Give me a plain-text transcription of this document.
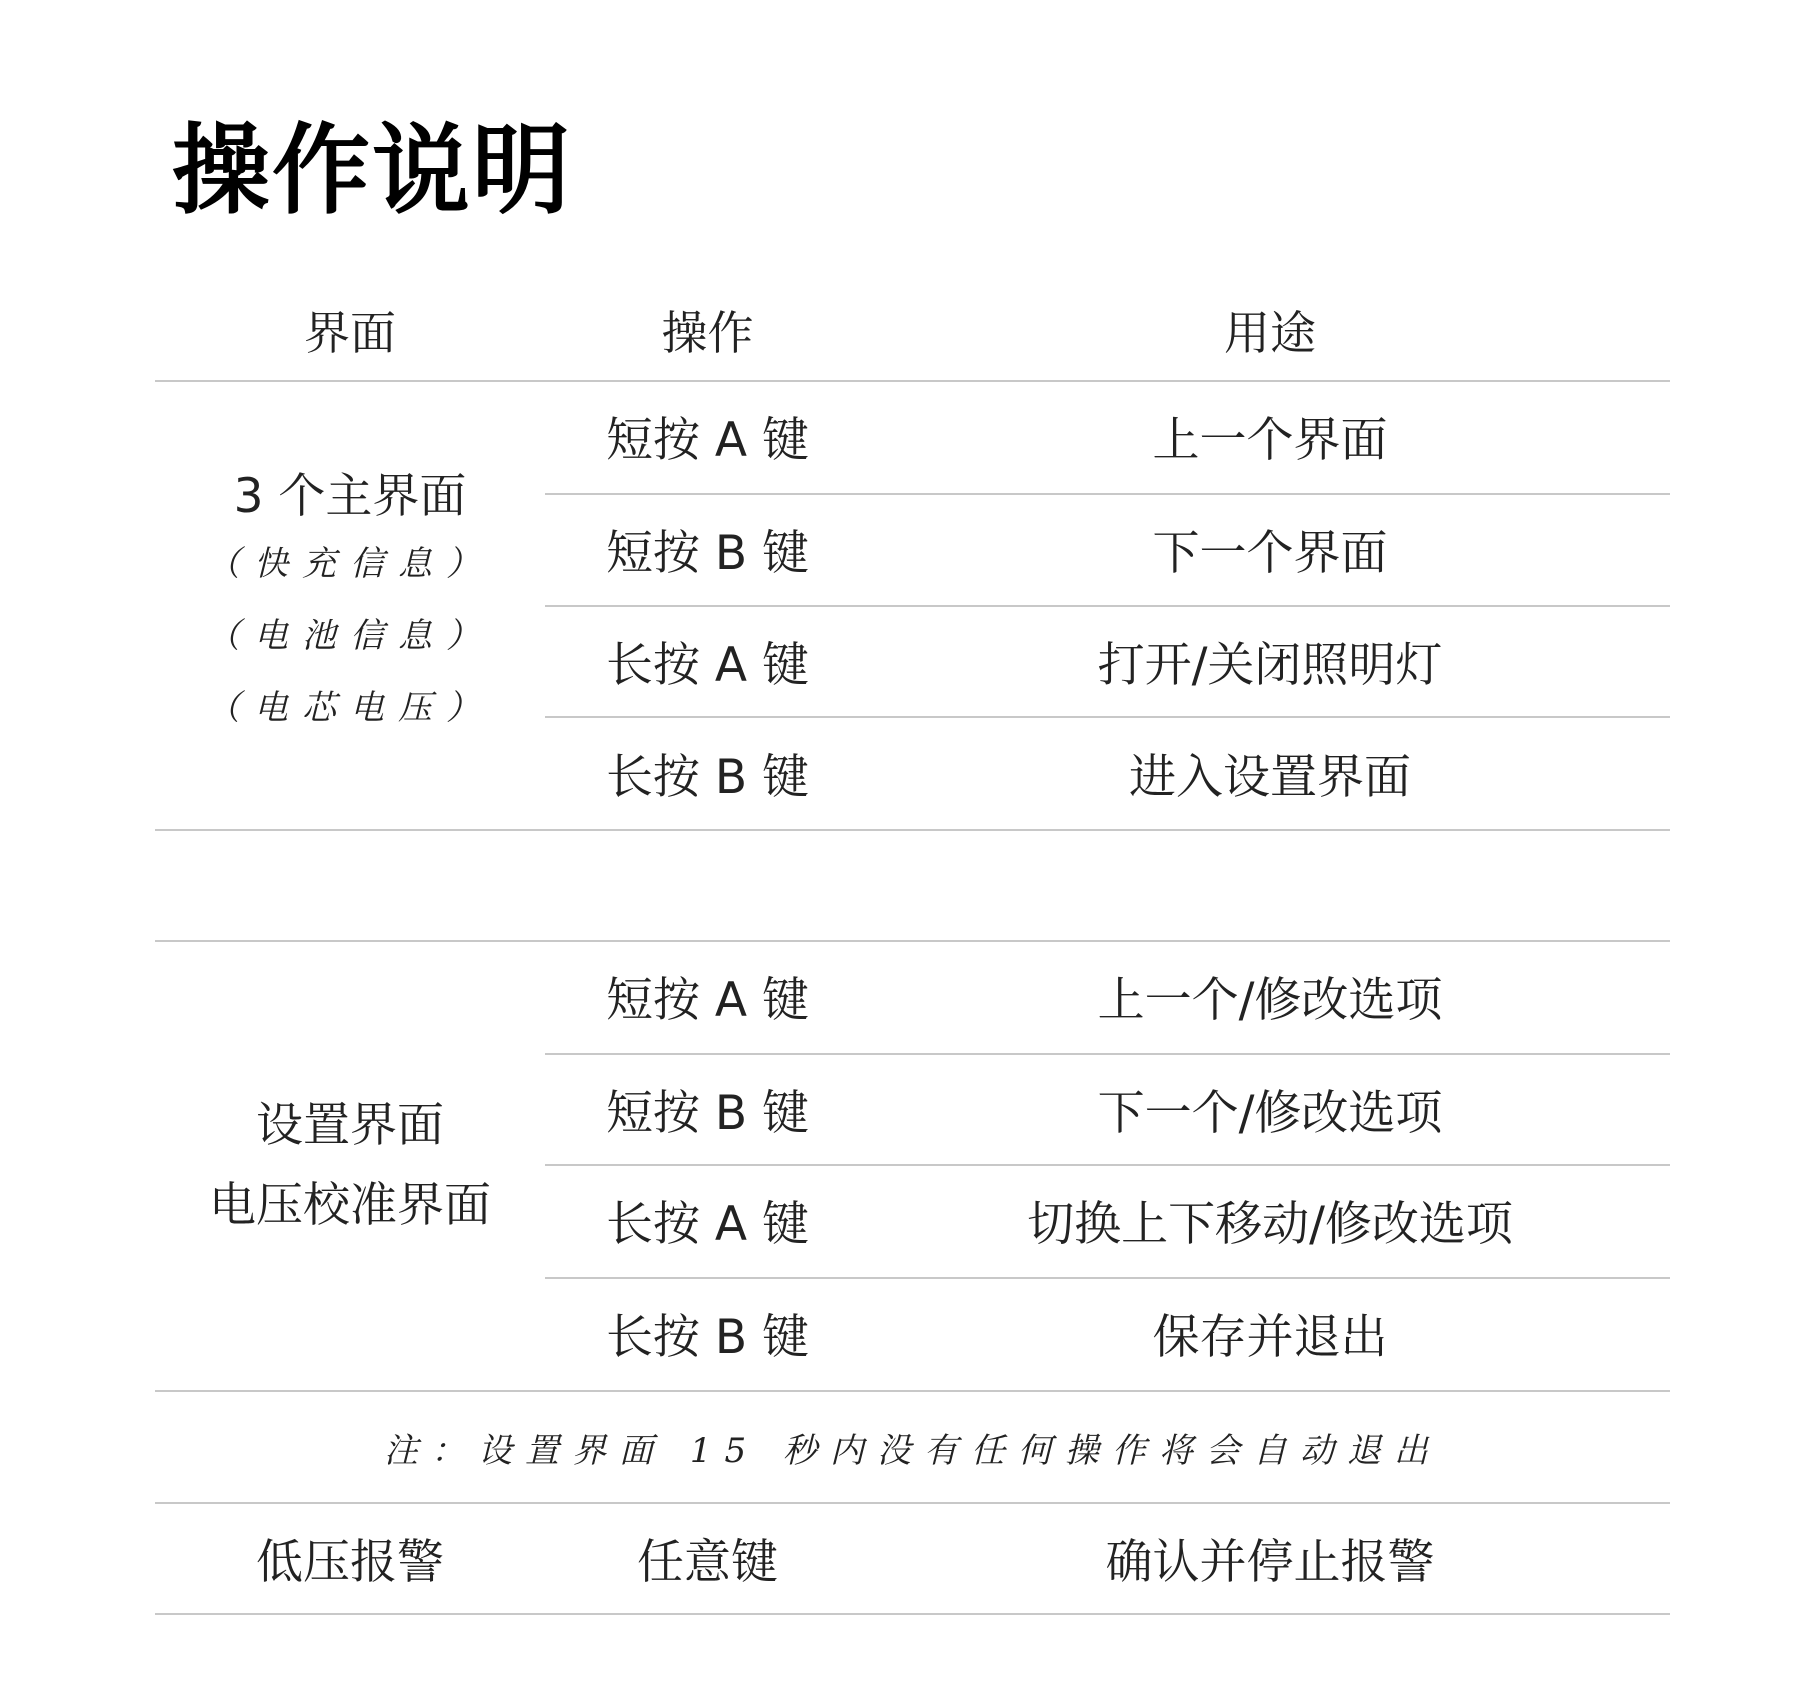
操作说明
界面	操作	用途
3 个主界面
（快充信息）
（电池信息）
（电芯电压）
短按 A 键	上一个界面
短按 B 键	下一个界面
长按 A 键	打开/关闭照明灯
长按 B 键	进入设置界面
设置界面
电压校准界面
短按 A 键	上一个/修改选项
短按 B 键	下一个/修改选项
长按 A 键	切换上下移动/修改选项
长按 B 键	保存并退出
注：设置界面 15 秒内没有任何操作将会自动退出
低压报警	任意键	确认并停止报警
